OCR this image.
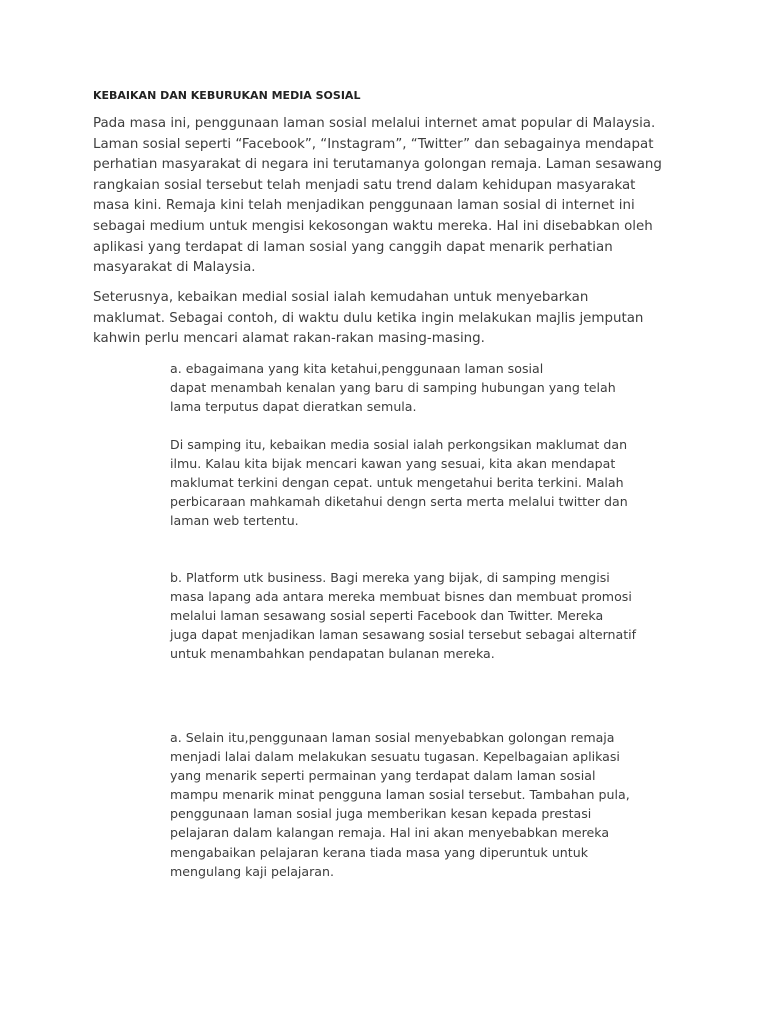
KEBAIKAN DAN KEBURUKAN MEDIA SOSIAL
Pada masa ini, penggunaan laman sosial melalui internet amat popular di Malaysia.
Laman sosial seperti “Facebook”, “Instagram”, “Twitter” dan sebagainya mendapat
perhatian masyarakat di negara ini terutamanya golongan remaja. Laman sesawang
rangkaian sosial tersebut telah menjadi satu trend dalam kehidupan masyarakat
masa kini. Remaja kini telah menjadikan penggunaan laman sosial di internet ini
sebagai medium untuk mengisi kekosongan waktu mereka. Hal ini disebabkan oleh
aplikasi yang terdapat di laman sosial yang canggih dapat menarik perhatian
masyarakat di Malaysia.
Seterusnya, kebaikan medial sosial ialah kemudahan untuk menyebarkan
maklumat. Sebagai contoh, di waktu dulu ketika ingin melakukan majlis jemputan
kahwin perlu mencari alamat rakan-rakan masing-masing.
a. ebagaimana yang kita ketahui,penggunaan laman sosial
dapat menambah kenalan yang baru di samping hubungan yang telah
lama terputus dapat dieratkan semula.
Di samping itu, kebaikan media sosial ialah perkongsikan maklumat dan
ilmu. Kalau kita bijak mencari kawan yang sesuai, kita akan mendapat
maklumat terkini dengan cepat. untuk mengetahui berita terkini. Malah
perbicaraan mahkamah diketahui dengn serta merta melalui twitter dan
laman web tertentu.
b. Platform utk business. Bagi mereka yang bijak, di samping mengisi
masa lapang ada antara mereka membuat bisnes dan membuat promosi
melalui laman sesawang sosial seperti Facebook dan Twitter. Mereka
juga dapat menjadikan laman sesawang sosial tersebut sebagai alternatif
untuk menambahkan pendapatan bulanan mereka.
a. Selain itu,penggunaan laman sosial menyebabkan golongan remaja
menjadi lalai dalam melakukan sesuatu tugasan. Kepelbagaian aplikasi
yang menarik seperti permainan yang terdapat dalam laman sosial
mampu menarik minat pengguna laman sosial tersebut. Tambahan pula,
penggunaan laman sosial juga memberikan kesan kepada prestasi
pelajaran dalam kalangan remaja. Hal ini akan menyebabkan mereka
mengabaikan pelajaran kerana tiada masa yang diperuntuk untuk
mengulang kaji pelajaran.
